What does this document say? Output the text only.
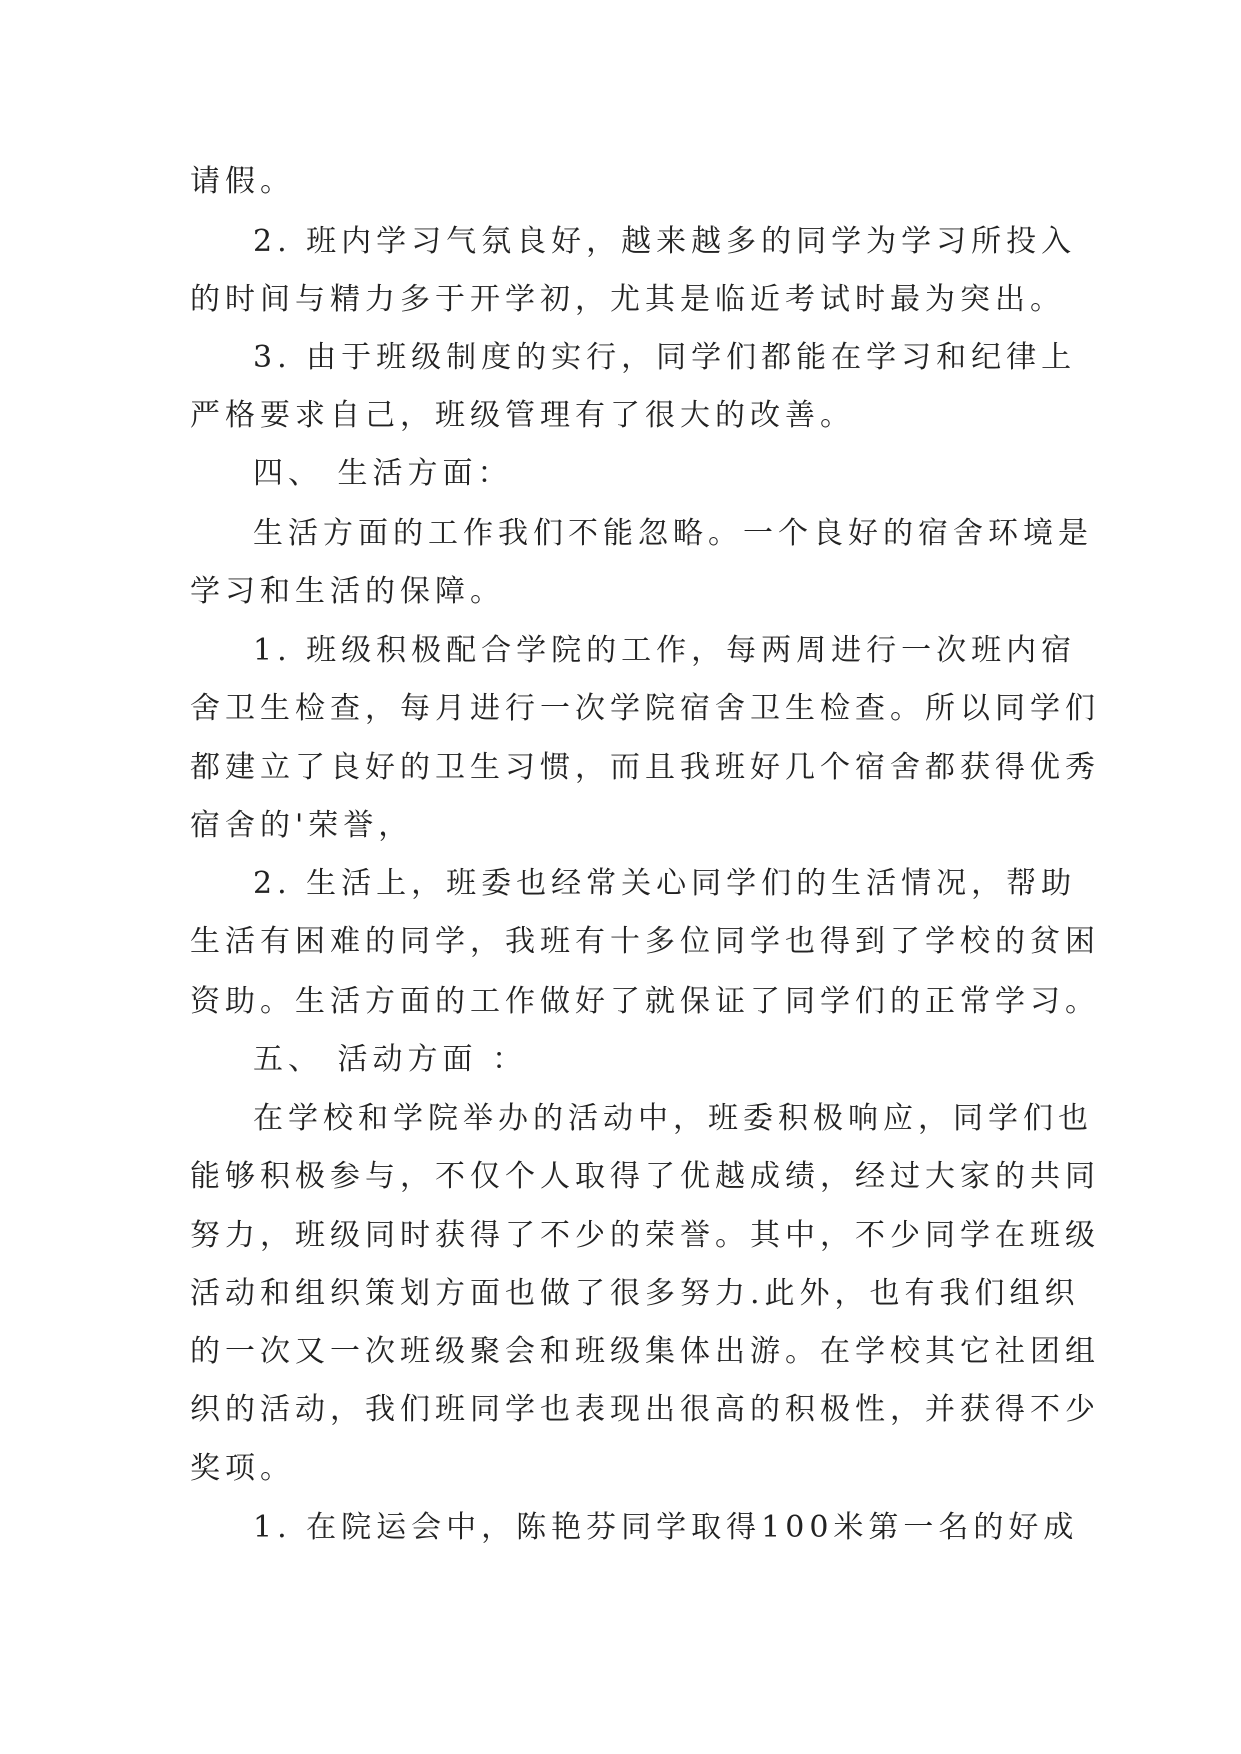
请假。
2. 班内学习气氛良好，越来越多的同学为学习所投入
的时间与精力多于开学初，尤其是临近考试时最为突出。
3. 由于班级制度的实行，同学们都能在学习和纪律上
严格要求自己，班级管理有了很大的改善。
四、 生活方面：
生活方面的工作我们不能忽略。一个良好的宿舍环境是
学习和生活的保障。
1. 班级积极配合学院的工作，每两周进行一次班内宿
舍卫生检查，每月进行一次学院宿舍卫生检查。所以同学们
都建立了良好的卫生习惯，而且我班好几个宿舍都获得优秀
宿舍的'荣誉，
2. 生活上，班委也经常关心同学们的生活情况，帮助
生活有困难的同学，我班有十多位同学也得到了学校的贫困
资助。生活方面的工作做好了就保证了同学们的正常学习。
五、 活动方面 ：
在学校和学院举办的活动中，班委积极响应，同学们也
能够积极参与，不仅个人取得了优越成绩，经过大家的共同
努力，班级同时获得了不少的荣誉。其中，不少同学在班级
活动和组织策划方面也做了很多努力.此外，也有我们组织
的一次又一次班级聚会和班级集体出游。在学校其它社团组
织的活动，我们班同学也表现出很高的积极性，并获得不少
奖项。
1. 在院运会中，陈艳芬同学取得100米第一名的好成
